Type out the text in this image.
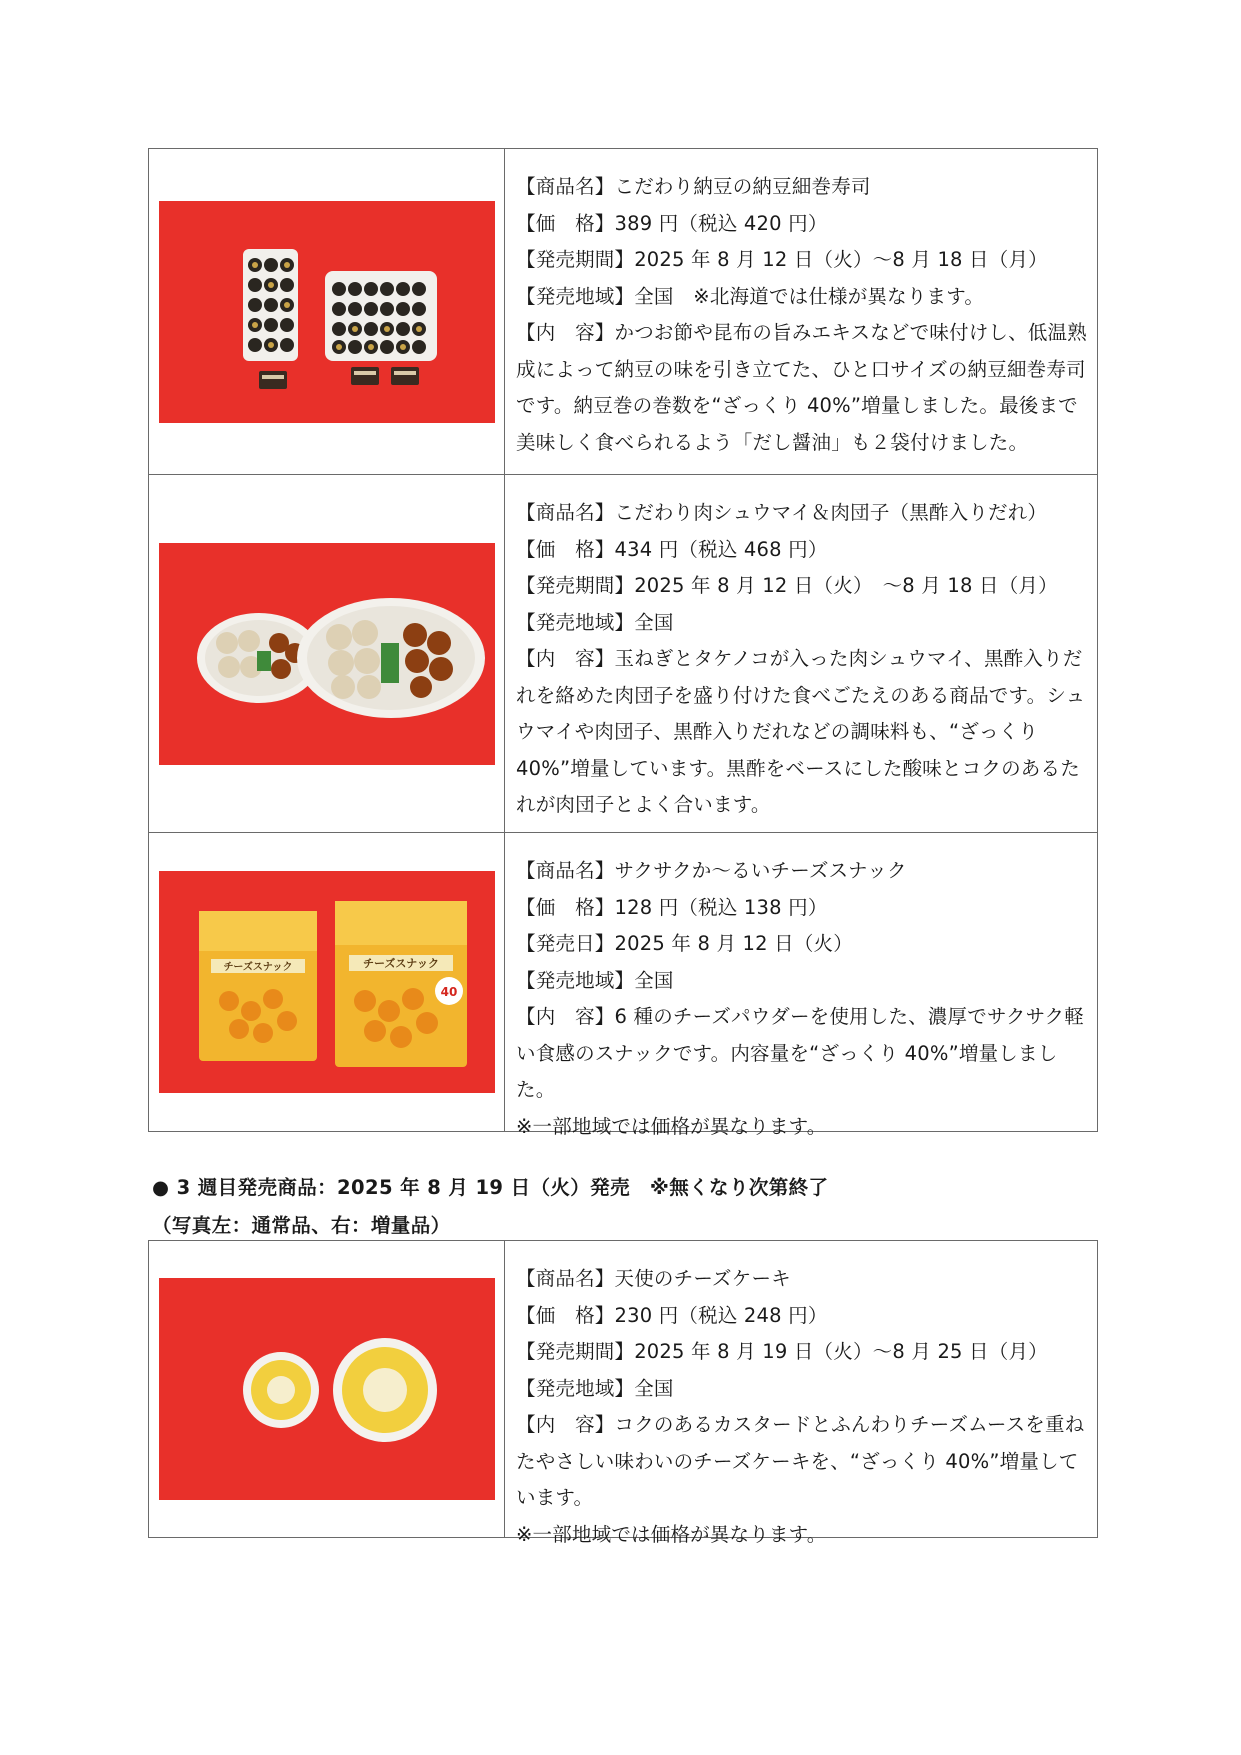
【商品名】こだわり納豆の納豆細巻寿司
【価　格】389 円（税込 420 円）
【発売期間】2025 年 8 月 12 日（火）～8 月 18 日（月）
【発売地域】全国　※北海道では仕様が異なります。
【内　容】かつお節や昆布の旨みエキスなどで味付けし、低温熟成によって納豆の味を引き立てた、ひと口サイズの納豆細巻寿司です。納豆巻の巻数を“ざっくり 40%”増量しました。最後まで美味しく食べられるよう「だし醤油」も２袋付けました。
【商品名】こだわり肉シュウマイ＆肉団子（黒酢入りだれ）
【価　格】434 円（税込 468 円）
【発売期間】2025 年 8 月 12 日（火）　～8 月 18 日（月）
【発売地域】全国
【内　容】玉ねぎとタケノコが入った肉シュウマイ、黒酢入りだれを絡めた肉団子を盛り付けた食べごたえのある商品です。シュウマイや肉団子、黒酢入りだれなどの調味料も、“ざっくり 40%”増量しています。黒酢をベースにした酸味とコクのあるたれが肉団子とよく合います。
チーズスナック	チーズスナック
40
【商品名】サクサクか～るいチーズスナック
【価　格】128 円（税込 138 円）
【発売日】2025 年 8 月 12 日（火）
【発売地域】全国
【内　容】6 種のチーズパウダーを使用した、濃厚でサクサク軽い食感のスナックです。内容量を“ざっくり 40%”増量しました。
※一部地域では価格が異なります。
● 3 週目発売商品：2025 年 8 月 19 日（火）発売　※無くなり次第終了
（写真左：通常品、右：増量品）
【商品名】天使のチーズケーキ
【価　格】230 円（税込 248 円）
【発売期間】2025 年 8 月 19 日（火）～8 月 25 日（月）
【発売地域】全国
【内　容】コクのあるカスタードとふんわりチーズムースを重ねたやさしい味わいのチーズケーキを、“ざっくり 40%”増量しています。
※一部地域では価格が異なります。
